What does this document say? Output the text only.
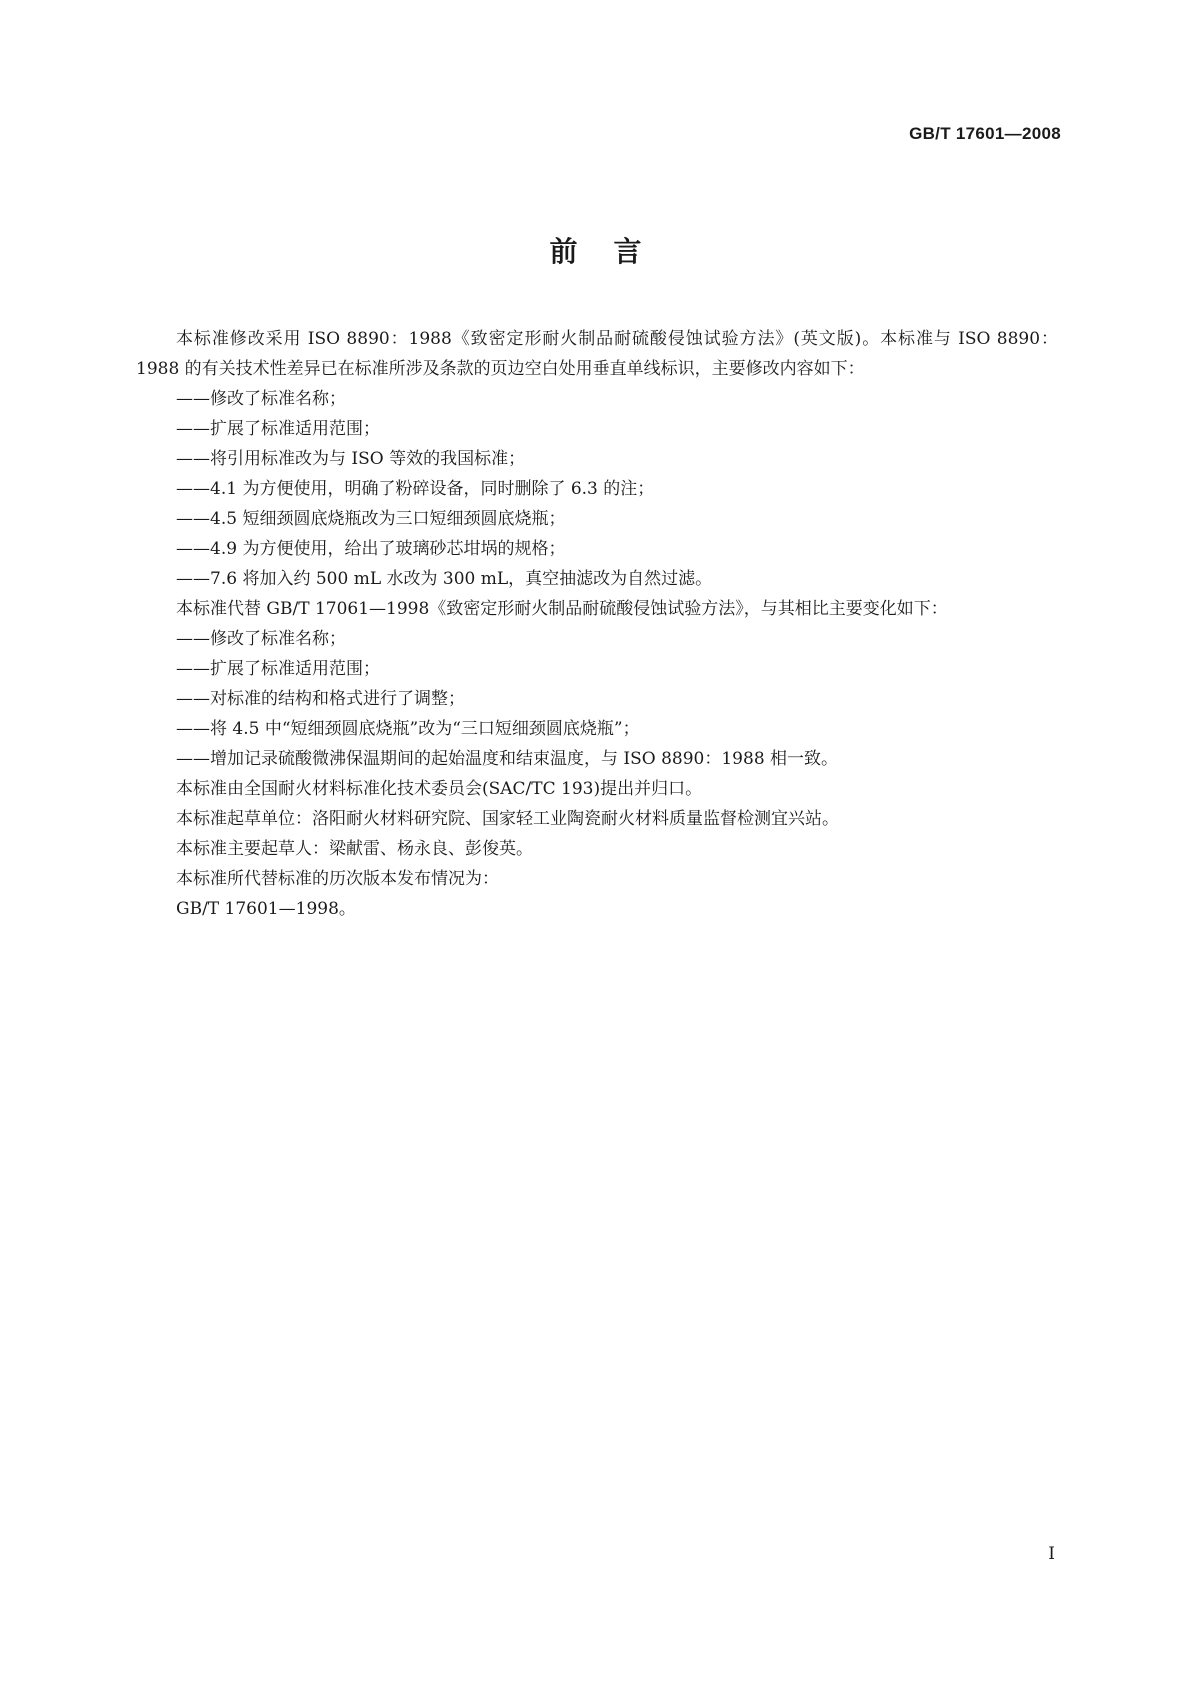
GB/T 17601—2008
前言

本标准修改采用 ISO 8890：1988《致密定形耐火制品耐硫酸侵蚀试验方法》(英文版)。本标准与 ISO 8890：1988 的有关技术性差异已在标准所涉及条款的页边空白处用垂直单线标识，主要修改内容如下：

——修改了标准名称；

——扩展了标准适用范围；

——将引用标准改为与 ISO 等效的我国标准；

——4.1 为方便使用，明确了粉碎设备，同时删除了 6.3 的注；

——4.5 短细颈圆底烧瓶改为三口短细颈圆底烧瓶；

——4.9 为方便使用，给出了玻璃砂芯坩埚的规格；

——7.6 将加入约 500 mL 水改为 300 mL，真空抽滤改为自然过滤。

本标准代替 GB/T 17061—1998《致密定形耐火制品耐硫酸侵蚀试验方法》，与其相比主要变化如下：

——修改了标准名称；

——扩展了标准适用范围；

——对标准的结构和格式进行了调整；

——将 4.5 中“短细颈圆底烧瓶”改为“三口短细颈圆底烧瓶”；

——增加记录硫酸微沸保温期间的起始温度和结束温度，与 ISO 8890：1988 相一致。

本标准由全国耐火材料标准化技术委员会(SAC/TC 193)提出并归口。

本标准起草单位：洛阳耐火材料研究院、国家轻工业陶瓷耐火材料质量监督检测宜兴站。

本标准主要起草人：梁献雷、杨永良、彭俊英。

本标准所代替标准的历次版本发布情况为：

GB/T 17601—1998。

I
